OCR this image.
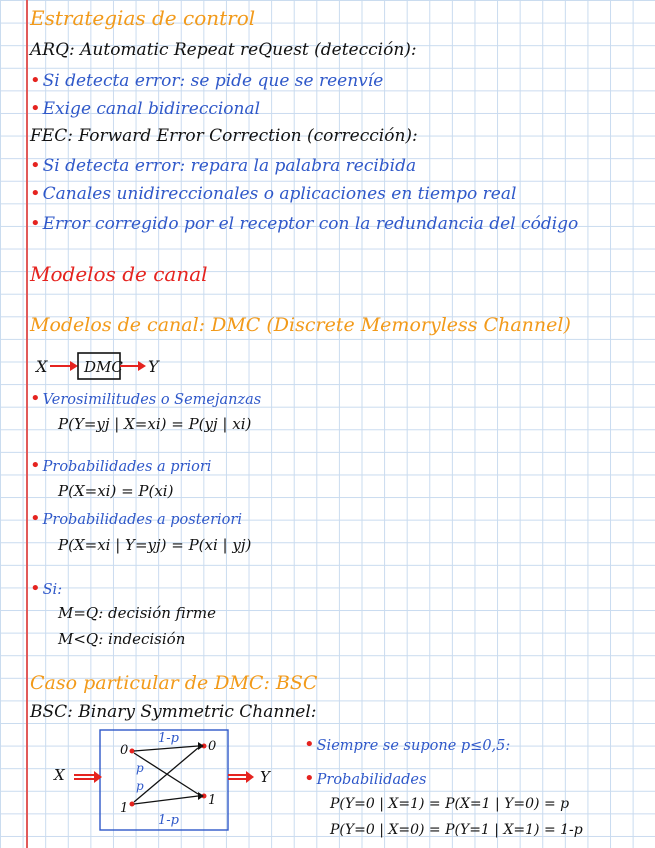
Estrategias de control
ARQ: Automatic Repeat reQuest (detección):
• Si detecta error: se pide que se reenvíe
• Exige canal bidireccional
FEC: Forward Error Correction (corrección):
• Si detecta error: repara la palabra recibida
• Canales unidireccionales o aplicaciones en tiempo real
• Error corregido por el receptor con la redundancia del código
Modelos de canal
Modelos de canal: DMC (Discrete Memoryless Channel)
X DMC Y
• Verosimilitudes o Semejanzas
P(Y=yj | X=xi) = P(yj | xi)
• Probabilidades a priori
P(X=xi) = P(xi)
• Probabilidades a posteriori
P(X=xi | Y=yj) = P(xi | yj)
• Si:
M=Q: decisión firme
M<Q: indecisión
Caso particular de DMC: BSC
BSC: Binary Symmetric Channel:
X	Y
0
1
0
1
1-p
1-p
p
p
• Siempre se supone p≤0,5:
• Probabilidades
P(Y=0 | X=1) = P(X=1 | Y=0) = p
P(Y=0 | X=0) = P(Y=1 | X=1) = 1-p
